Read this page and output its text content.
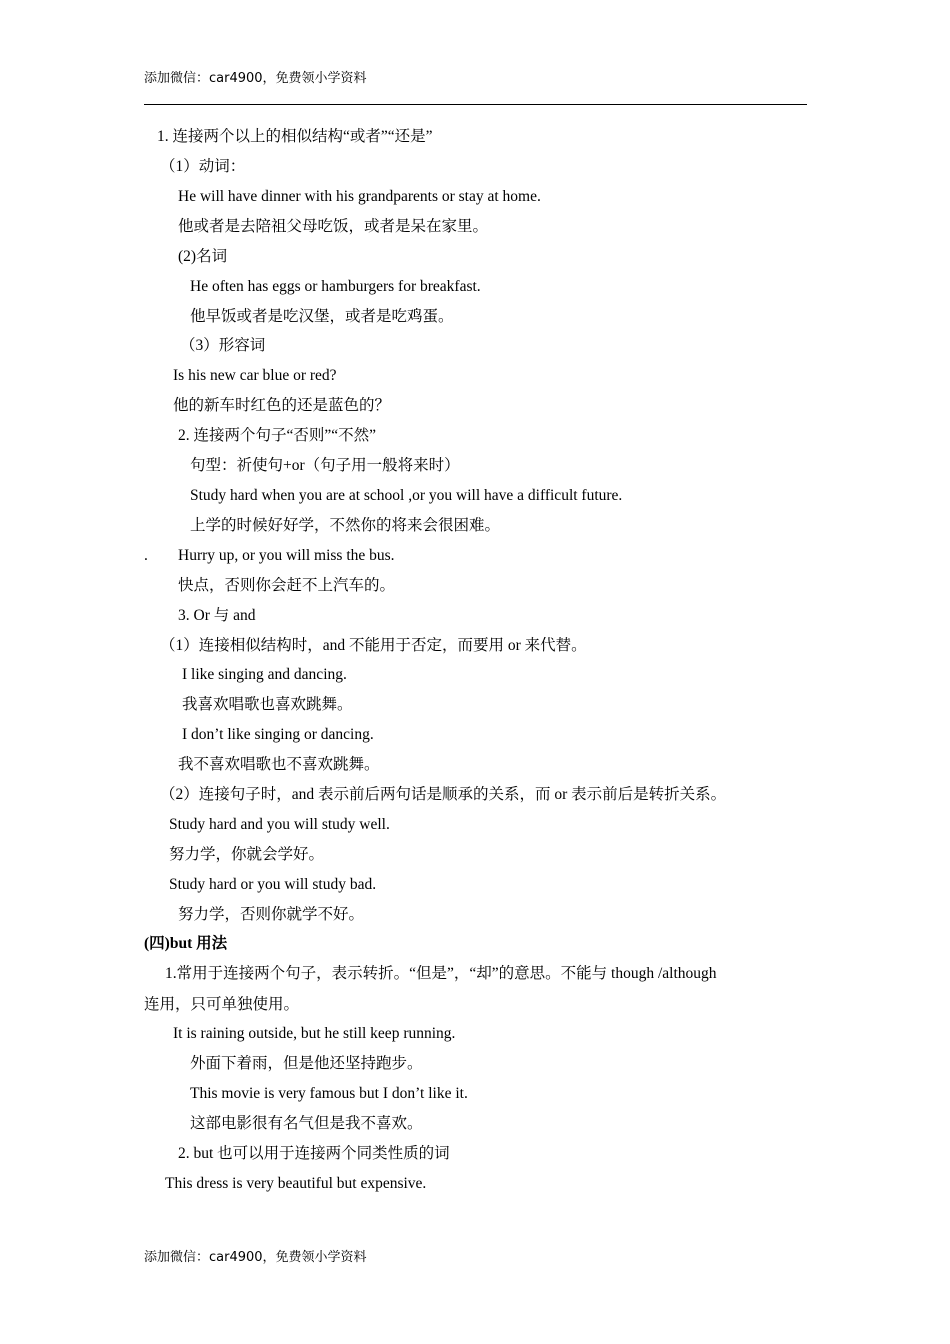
添加微信：car4900，免费领小学资料
1. 连接两个以上的相似结构“或者”“还是”
（1）动词：
He will have dinner with his grandparents or stay at home.
他或者是去陪祖父母吃饭，或者是呆在家里。
(2)名词
He often has eggs or hamburgers for breakfast.
他早饭或者是吃汉堡，或者是吃鸡蛋。
（3）形容词
Is his new car blue or red?
他的新车时红色的还是蓝色的？
2. 连接两个句子“否则”“不然”
句型：祈使句+or（句子用一般将来时）
Study hard when you are at school ,or you will have a difficult future.
上学的时候好好学，不然你的将来会很困难。
. Hurry up, or you will miss the bus.
快点，否则你会赶不上汽车的。
3. Or 与 and
（1）连接相似结构时，and 不能用于否定，而要用 or 来代替。
I like singing and dancing.
我喜欢唱歌也喜欢跳舞。
I don’t like singing or dancing.
我不喜欢唱歌也不喜欢跳舞。
（2）连接句子时，and 表示前后两句话是顺承的关系，而 or 表示前后是转折关系。
Study hard and you will study well.
努力学，你就会学好。
Study hard or you will study bad.
努力学，否则你就学不好。
(四)but 用法
1.常用于连接两个句子，表示转折。“但是”，“却”的意思。不能与 though /although
连用，只可单独使用。
It is raining outside, but he still keep running.
外面下着雨，但是他还坚持跑步。
This movie is very famous but I don’t like it.
这部电影很有名气但是我不喜欢。
2. but 也可以用于连接两个同类性质的词
This dress is very beautiful but expensive.
添加微信：car4900，免费领小学资料
